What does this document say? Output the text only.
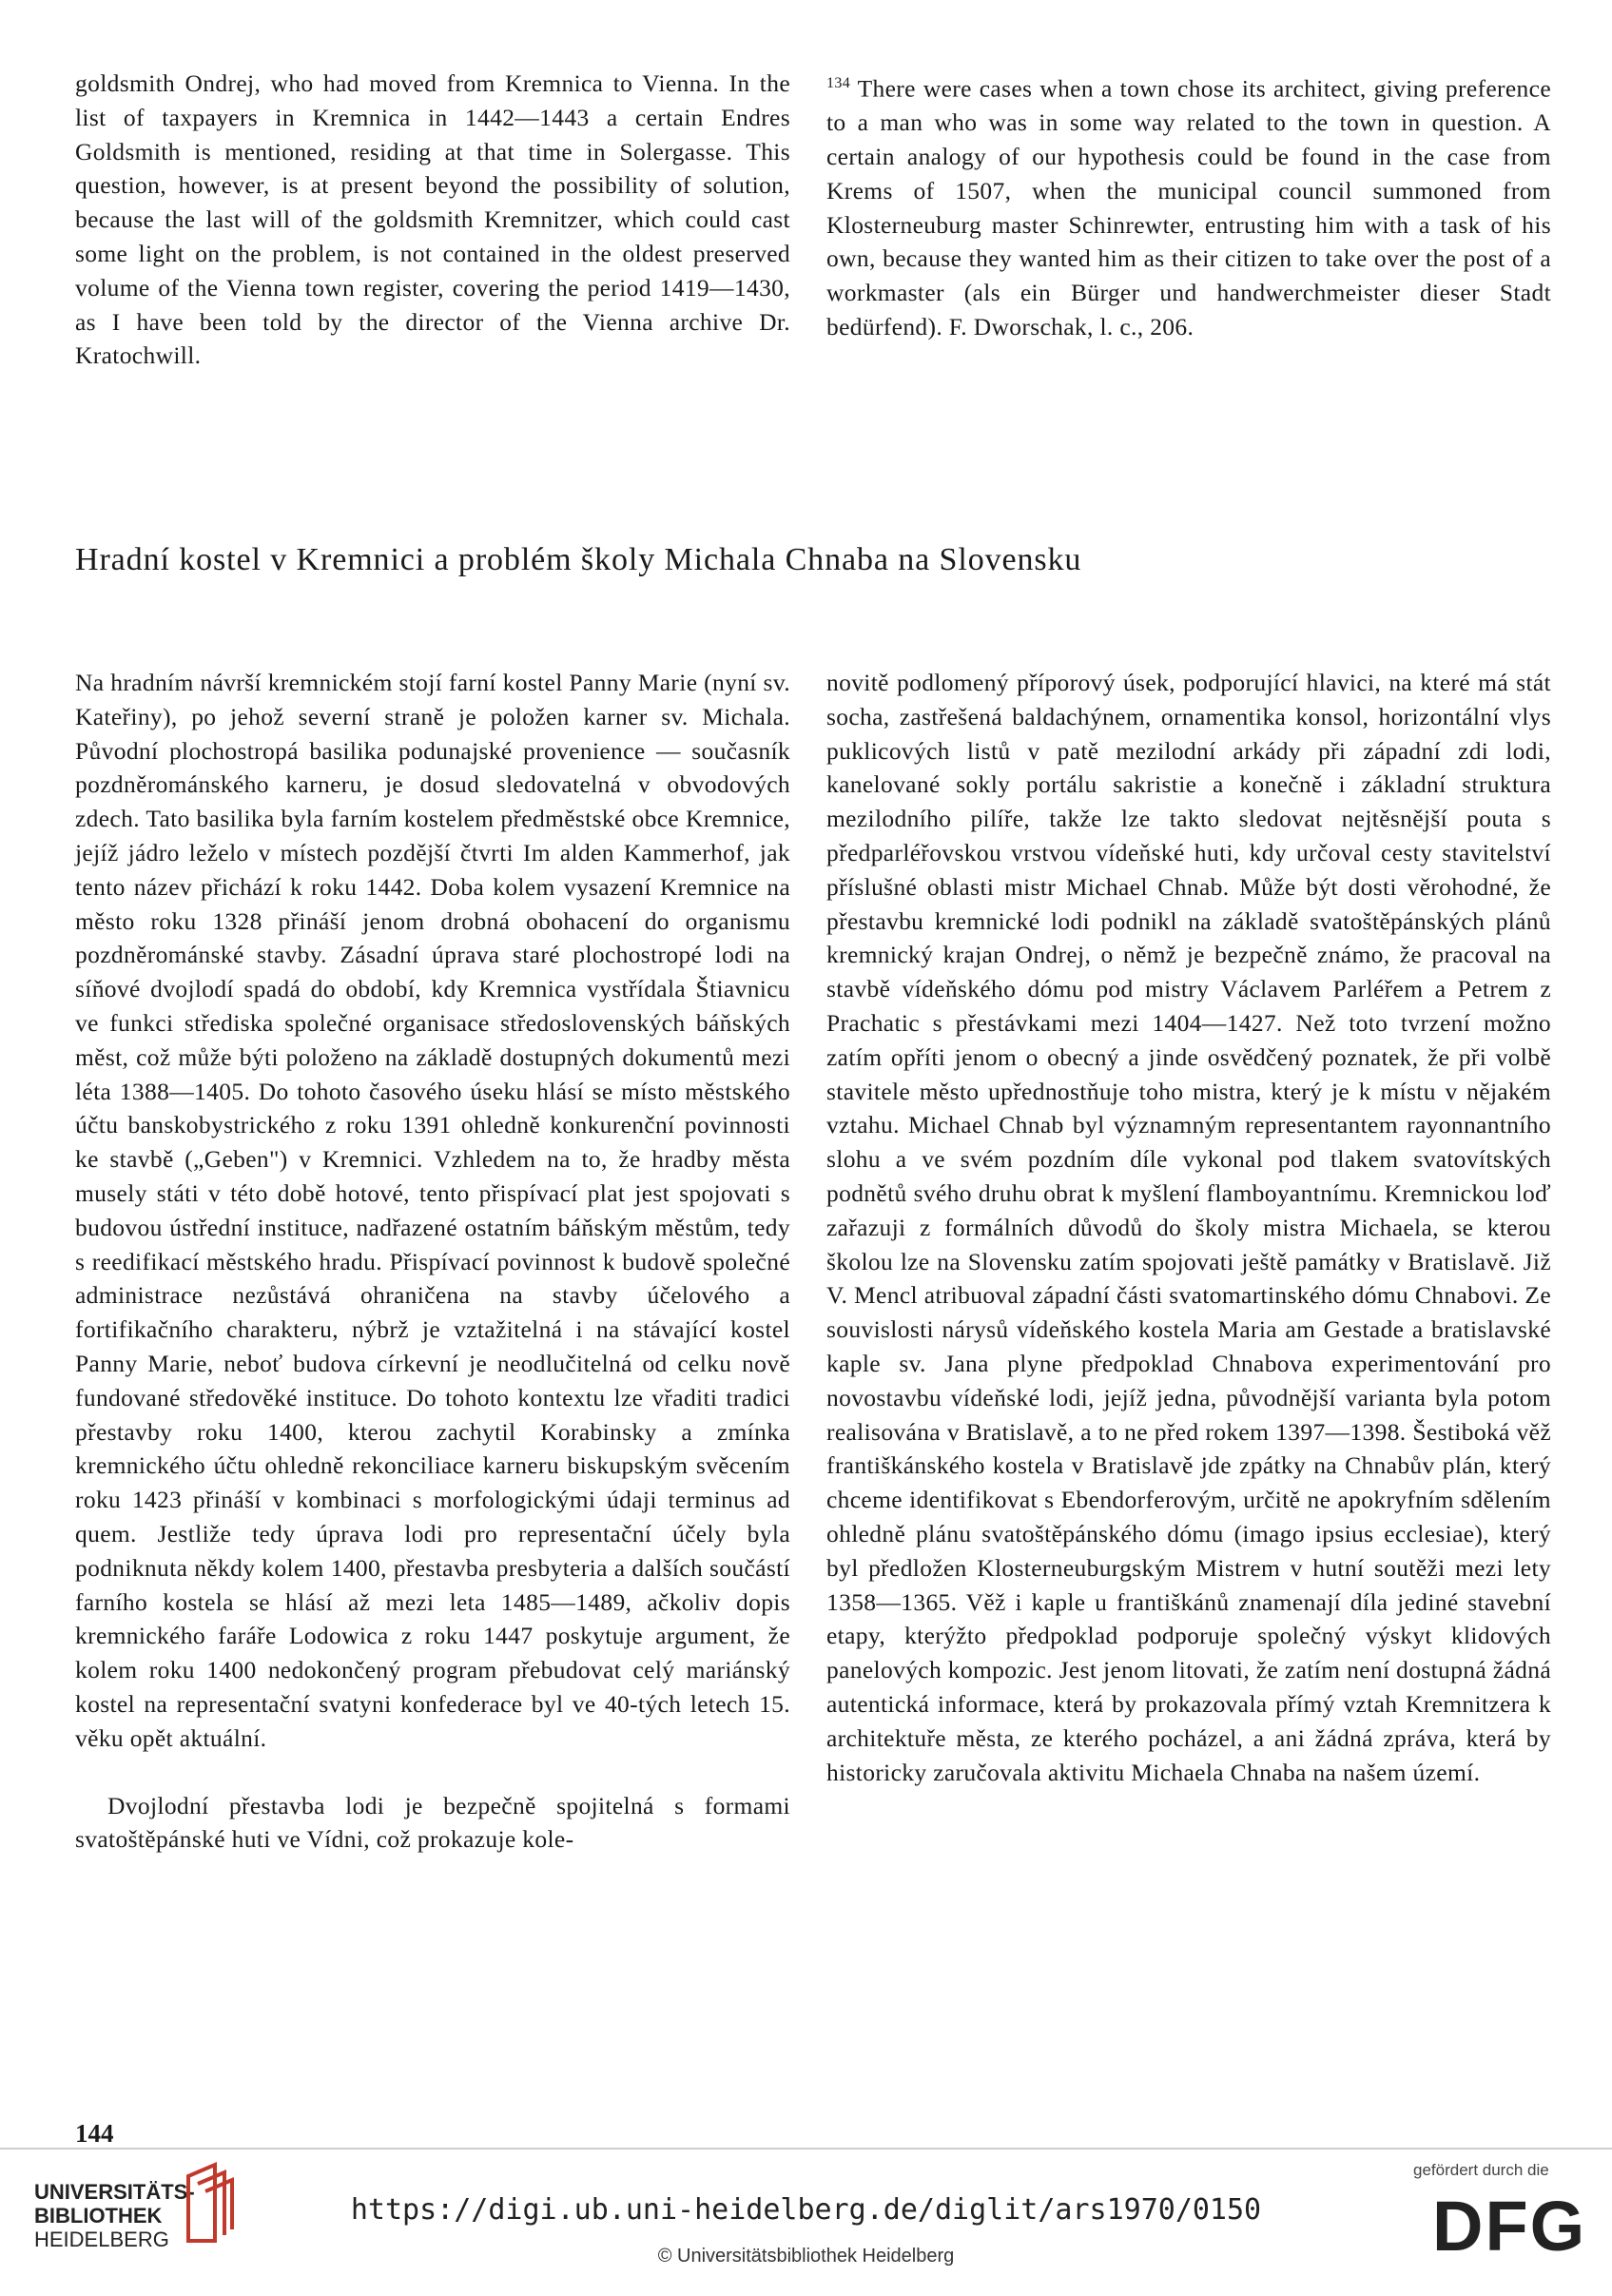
goldsmith Ondrej, who had moved from Kremnica to Vienna. In the list of taxpayers in Kremnica in 1442—1443 a certain Endres Goldsmith is mentioned, residing at that time in Solergasse. This question, however, is at present beyond the possibility of solution, because the last will of the goldsmith Kremnitzer, which could cast some light on the problem, is not contained in the oldest preserved volume of the Vienna town register, covering the period 1419—1430, as I have been told by the director of the Vienna archive Dr. Kratochwill.

$^{134}$ There were cases when a town chose its architect, giving preference to a man who was in some way related to the town in question. A certain analogy of our hypothesis could be found in the case from Krems of 1507, when the municipal council summoned from Klosterneuburg master Schinrewter, entrusting him with a task of his own, because they wanted him as their citizen to take over the post of a workmaster (als ein Bürger und handwerchmeister dieser Stadt bedürfend). F. Dworschak, l. c., 206.

Hradní kostel v Kremnici a problém školy Michala Chnaba na Slovensku

Na hradním návrší kremnickém stojí farní kostel Panny Marie (nyní sv. Kateřiny), po jehož severní straně je položen karner sv. Michala. Původní plochostropá basilika podunajské provenience — současník pozdněrománského karneru, je dosud sledovatelná v obvodových zdech. Tato basilika byla farním kostelem předměstské obce Kremnice, jejíž jádro leželo v místech pozdější čtvrti Im alden Kammerhof, jak tento název přichází k roku 1442. Doba kolem vysazení Kremnice na město roku 1328 přináší jenom drobná obohacení do organismu pozdněrománské stavby. Zásadní úprava staré plochostropé lodi na síňové dvojlodí spadá do období, kdy Kremnica vystřídala Štiavnicu ve funkci střediska společné organisace středoslovenských báňských měst, což může býti položeno na základě dostupných dokumentů mezi léta 1388—1405. Do tohoto časového úseku hlásí se místo městského účtu banskobystrického z roku 1391 ohledně konkurenční povinnosti ke stavbě („Geben") v Kremnici. Vzhledem na to, že hradby města musely státi v této době hotové, tento přispívací plat jest spojovati s budovou ústřední instituce, nadřazené ostatním báňským městům, tedy s reedifikací městského hradu. Přispívací povinnost k budově společné administrace nezůstává ohraničena na stavby účelového a fortifikačního charakteru, nýbrž je vztažitelná i na stávající kostel Panny Marie, neboť budova církevní je neodlučitelná od celku nově fundované středověké instituce. Do tohoto kontextu lze vřaditi tradici přestavby roku 1400, kterou zachytil Korabinsky a zmínka kremnického účtu ohledně rekonciliace karneru biskupským svěcením roku 1423 přináší v kombinaci s morfologickými údaji terminus ad quem. Jestliže tedy úprava lodi pro representační účely byla podniknuta někdy kolem 1400, přestavba presbyteria a dalších součástí farního kostela se hlásí až mezi leta 1485—1489, ačkoliv dopis kremnického faráře Lodowica z roku 1447 poskytuje argument, že kolem roku 1400 nedokončený program přebudovat celý mariánský kostel na representační svatyni konfederace byl ve 40-tých letech 15. věku opět aktuální.

Dvojlodní přestavba lodi je bezpečně spojitelná s formami svatoštěpánské huti ve Vídni, což prokazuje kole-

novitě podlomený příporový úsek, podporující hlavici, na které má stát socha, zastřešená baldachýnem, ornamentika konsol, horizontální vlys puklicových listů v patě mezilodní arkády při západní zdi lodi, kanelované sokly portálu sakristie a konečně i základní struktura mezilodního pilíře, takže lze takto sledovat nejtěsnější pouta s předparléřovskou vrstvou vídeňské huti, kdy určoval cesty stavitelství příslušné oblasti mistr Michael Chnab. Může být dosti věrohodné, že přestavbu kremnické lodi podnikl na základě svatoštěpánských plánů kremnický krajan Ondrej, o němž je bezpečně známo, že pracoval na stavbě vídeňského dómu pod mistry Václavem Parléřem a Petrem z Prachatic s přestávkami mezi 1404—1427. Než toto tvrzení možno zatím opříti jenom o obecný a jinde osvědčený poznatek, že při volbě stavitele město upřednostňuje toho mistra, který je k místu v nějakém vztahu. Michael Chnab byl významným representantem rayonnantního slohu a ve svém pozdním díle vykonal pod tlakem svatovítských podnětů svého druhu obrat k myšlení flamboyantnímu. Kremnickou loď zařazuji z formálních důvodů do školy mistra Michaela, se kterou školou lze na Slovensku zatím spojovati ještě památky v Bratislavě. Již V. Mencl atribuoval západní části svatomartinského dómu Chnabovi. Ze souvislosti nárysů vídeňského kostela Maria am Gestade a bratislavské kaple sv. Jana plyne předpoklad Chnabova experimentování pro novostavbu vídeňské lodi, jejíž jedna, původnější varianta byla potom realisována v Bratislavě, a to ne před rokem 1397—1398. Šestiboká věž františkánského kostela v Bratislavě jde zpátky na Chnabův plán, který chceme identifikovat s Ebendorferovým, určitě ne apokryfním sdělením ohledně plánu svatoštěpánského dómu (imago ipsius ecclesiae), který byl předložen Klosterneuburgským Mistrem v hutní soutěži mezi lety 1358—1365. Věž i kaple u františkánů znamenají díla jediné stavební etapy, kterýžto předpoklad podporuje společný výskyt klidových panelových kompozic. Jest jenom litovati, že zatím není dostupná žádná autentická informace, která by prokazovala přímý vztah Kremnitzera k architektuře města, ze kterého pocházel, a ani žádná zpráva, která by historicky zaručovala aktivitu Michaela Chnaba na našem území.

144
UNIVERSITÄTS-
BIBLIOTHEK
HEIDELBERG
https://digi.ub.uni-heidelberg.de/diglit/ars1970/0150
© Universitätsbibliothek Heidelberg
gefördert durch die
DFG
